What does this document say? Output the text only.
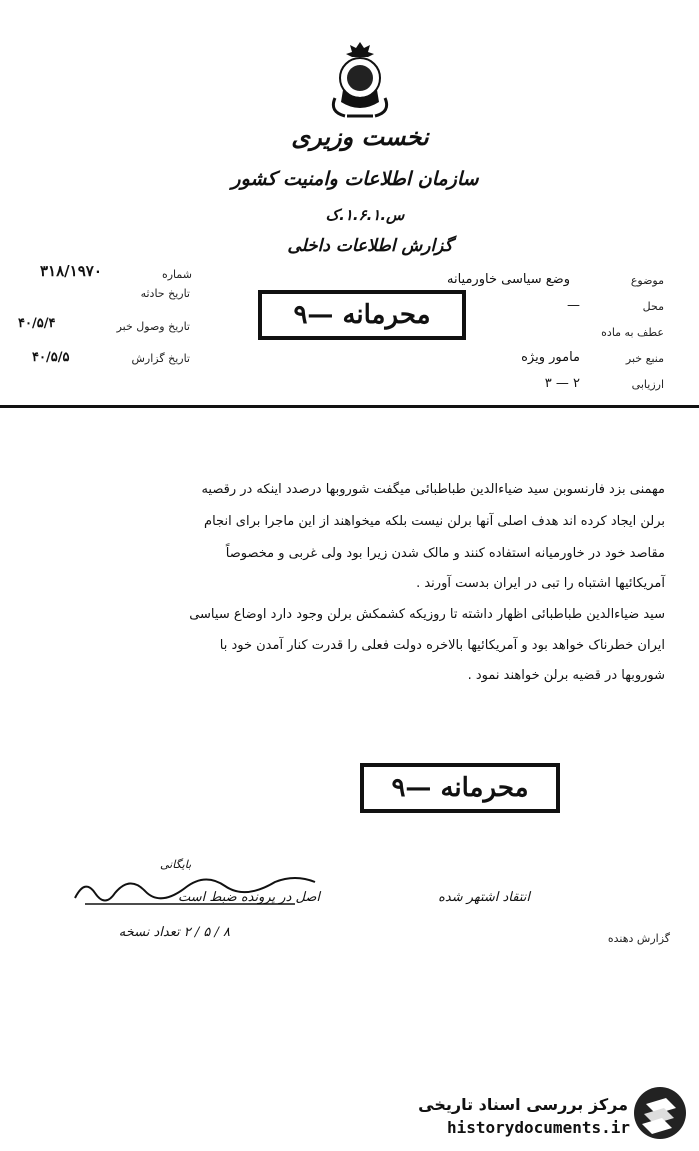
نخست وزیری
سازمان اطلاعات وامنیت کشور
س.۱.۶.۱.ک
گزارش اطلاعات داخلی
۳۱۸/۱۹۷۰	شماره
تاریخ حادثه
تاریخ وصول خبر
۴۰/۵/۴
تاریخ گزارش
۴۰/۵/۵
موضوع
وضع سیاسی خاورمیانه
محل
—
عطف به ماده
منبع خبر
مامور ویژه
ارزیابی
۳ — ۲
محرمانه —۹
مهمنی بزد فارنسوبن سید ضیاءالدین طباطبائی میگفت شوروبها درصدد اینکه در رقصیه
برلن ایجاد کرده اند هدف اصلی آنها برلن نیست بلکه میخواهند از این ماجرا برای انجام
مقاصد خود در خاورمیانه استفاده کنند و مالک شدن زیرا بود ولی غربی و مخصوصاً
آمریکائیها اشتباه را تبی در ایران بدست آورند .
سید ضیاءالدین طباطبائی اظهار داشته تا روزیکه کشمکش برلن وجود دارد اوضاع سیاسی
ایران خطرناک خواهد بود و آمریکائیها بالاخره دولت فعلی را قدرت کنار آمدن خود با
شوروبها در قضیه برلن خواهند نمود .
محرمانه —۹
بایگانی
انتقاد اشتهر شده
اصل در پرونده ضبط است
۸ / ۵ / ۲ تعداد نسخه	گزارش دهنده
مرکز بررسی اسناد تاریخی
historydocuments.ir
